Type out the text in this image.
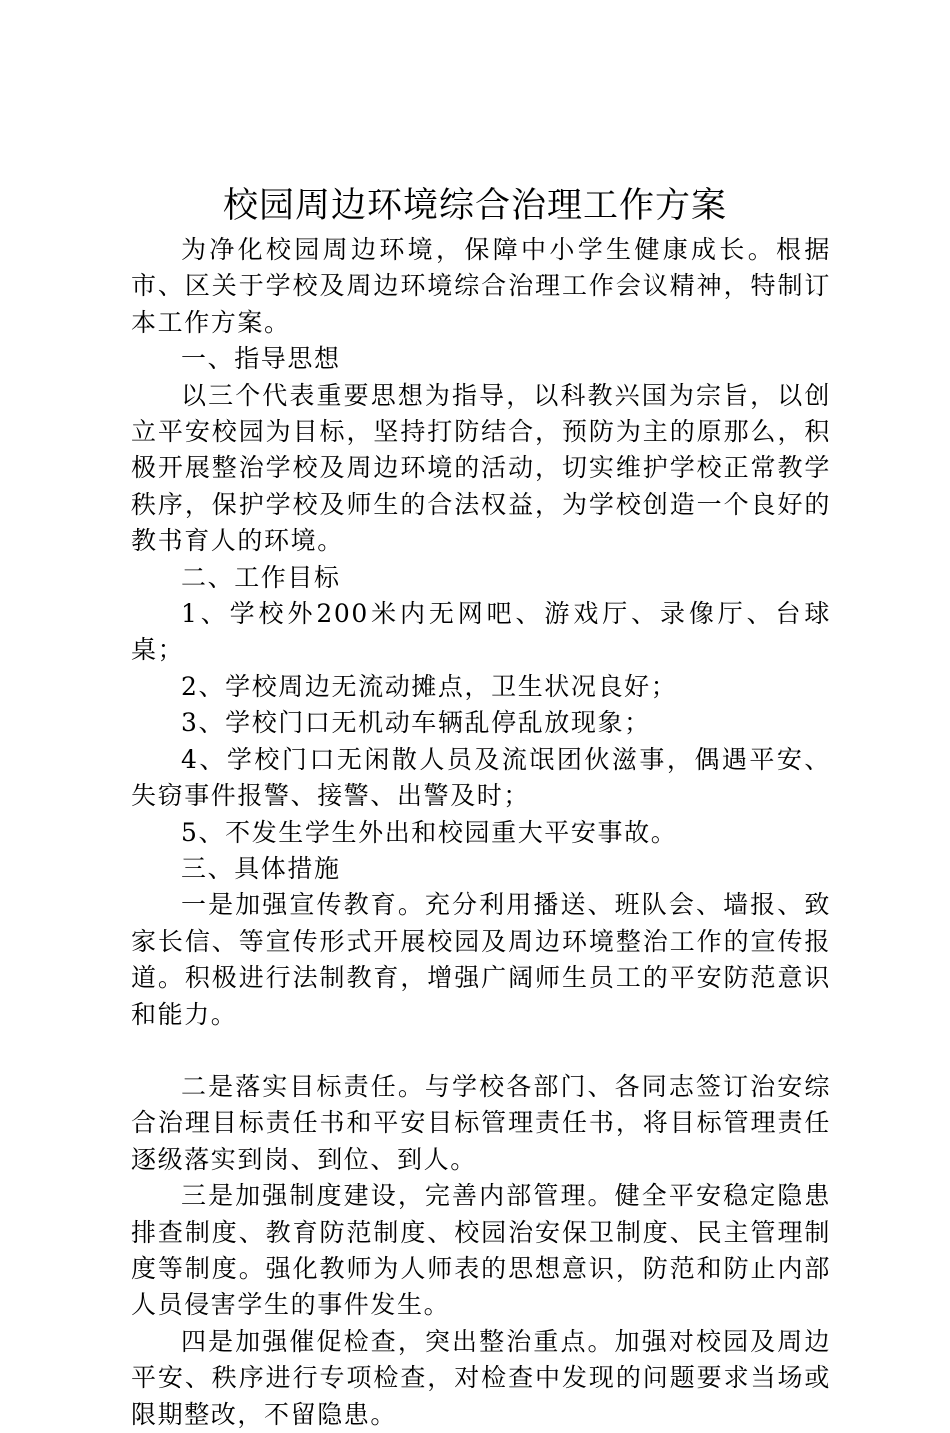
校园周边环境综合治理工作方案

为净化校园周边环境，保障中小学生健康成长。根据市、区关于学校及周边环境综合治理工作会议精神，特制订本工作方案。

一、指导思想

以三个代表重要思想为指导，以科教兴国为宗旨，以创立平安校园为目标，坚持打防结合，预防为主的原那么，积极开展整治学校及周边环境的活动，切实维护学校正常教学秩序，保护学校及师生的合法权益，为学校创造一个良好的教书育人的环境。

二、工作目标

1、学校外200米内无网吧、游戏厅、录像厅、台球桌；

2、学校周边无流动摊点，卫生状况良好；

3、学校门口无机动车辆乱停乱放现象；

4、学校门口无闲散人员及流氓团伙滋事，偶遇平安、失窃事件报警、接警、出警及时；

5、不发生学生外出和校园重大平安事故。

三、具体措施

一是加强宣传教育。充分利用播送、班队会、墙报、致家长信、等宣传形式开展校园及周边环境整治工作的宣传报道。积极进行法制教育，增强广阔师生员工的平安防范意识和能力。

二是落实目标责任。与学校各部门、各同志签订治安综合治理目标责任书和平安目标管理责任书，将目标管理责任逐级落实到岗、到位、到人。

三是加强制度建设，完善内部管理。健全平安稳定隐患排查制度、教育防范制度、校园治安保卫制度、民主管理制度等制度。强化教师为人师表的思想意识，防范和防止内部人员侵害学生的事件发生。

四是加强催促检查，突出整治重点。加强对校园及周边平安、秩序进行专项检查，对检查中发现的问题要求当场或限期整改，不留隐患。
